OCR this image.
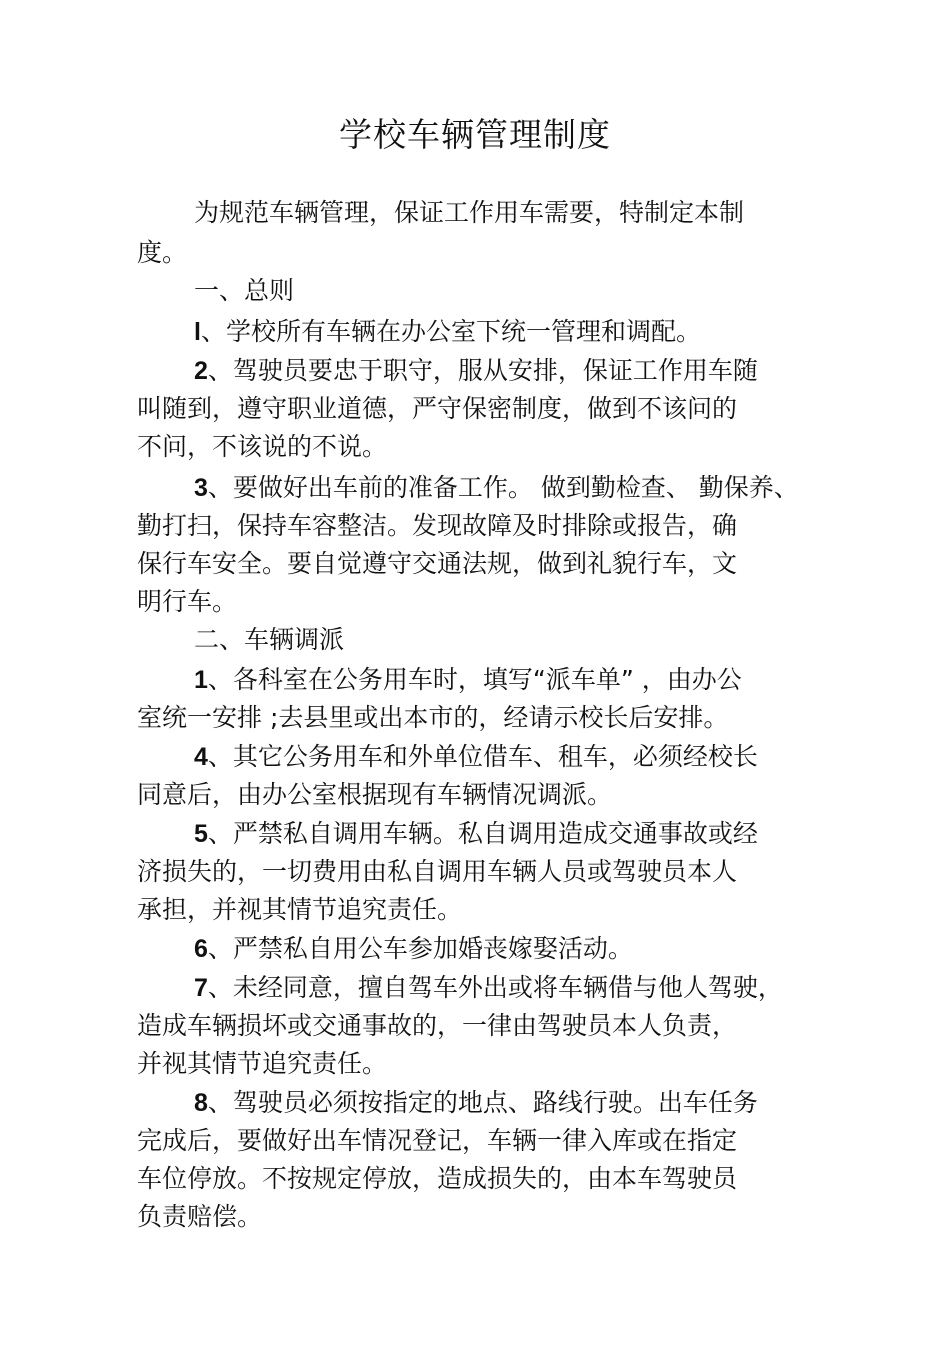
学校车辆管理制度
为规范车辆管理，保证工作用车需要，特制定本制
度。
一、总则
l、学校所有车辆在办公室下统一管理和调配。
2、驾驶员要忠于职守，服从安排，保证工作用车随
叫随到，遵守职业道德，严守保密制度，做到不该问的
不问，不该说的不说。
3、要做好出车前的准备工作。 做到勤检查、 勤保养、
勤打扫，保持车容整洁。发现故障及时排除或报告，确
保行车安全。要自觉遵守交通法规，做到礼貌行车，文
明行车。
二、车辆调派
1、各科室在公务用车时，填写“派车单” ，由办公
室统一安排 ;去县里或出本市的，经请示校长后安排。
4、其它公务用车和外单位借车、租车，必须经校长
同意后，由办公室根据现有车辆情况调派。
5、严禁私自调用车辆。私自调用造成交通事故或经
济损失的，一切费用由私自调用车辆人员或驾驶员本人
承担，并视其情节追究责任。
6、严禁私自用公车参加婚丧嫁娶活动。
7、未经同意，擅自驾车外出或将车辆借与他人驾驶，
造成车辆损坏或交通事故的，一律由驾驶员本人负责，
并视其情节追究责任。
8、驾驶员必须按指定的地点、路线行驶。出车任务
完成后，要做好出车情况登记，车辆一律入库或在指定
车位停放。不按规定停放，造成损失的，由本车驾驶员
负责赔偿。
